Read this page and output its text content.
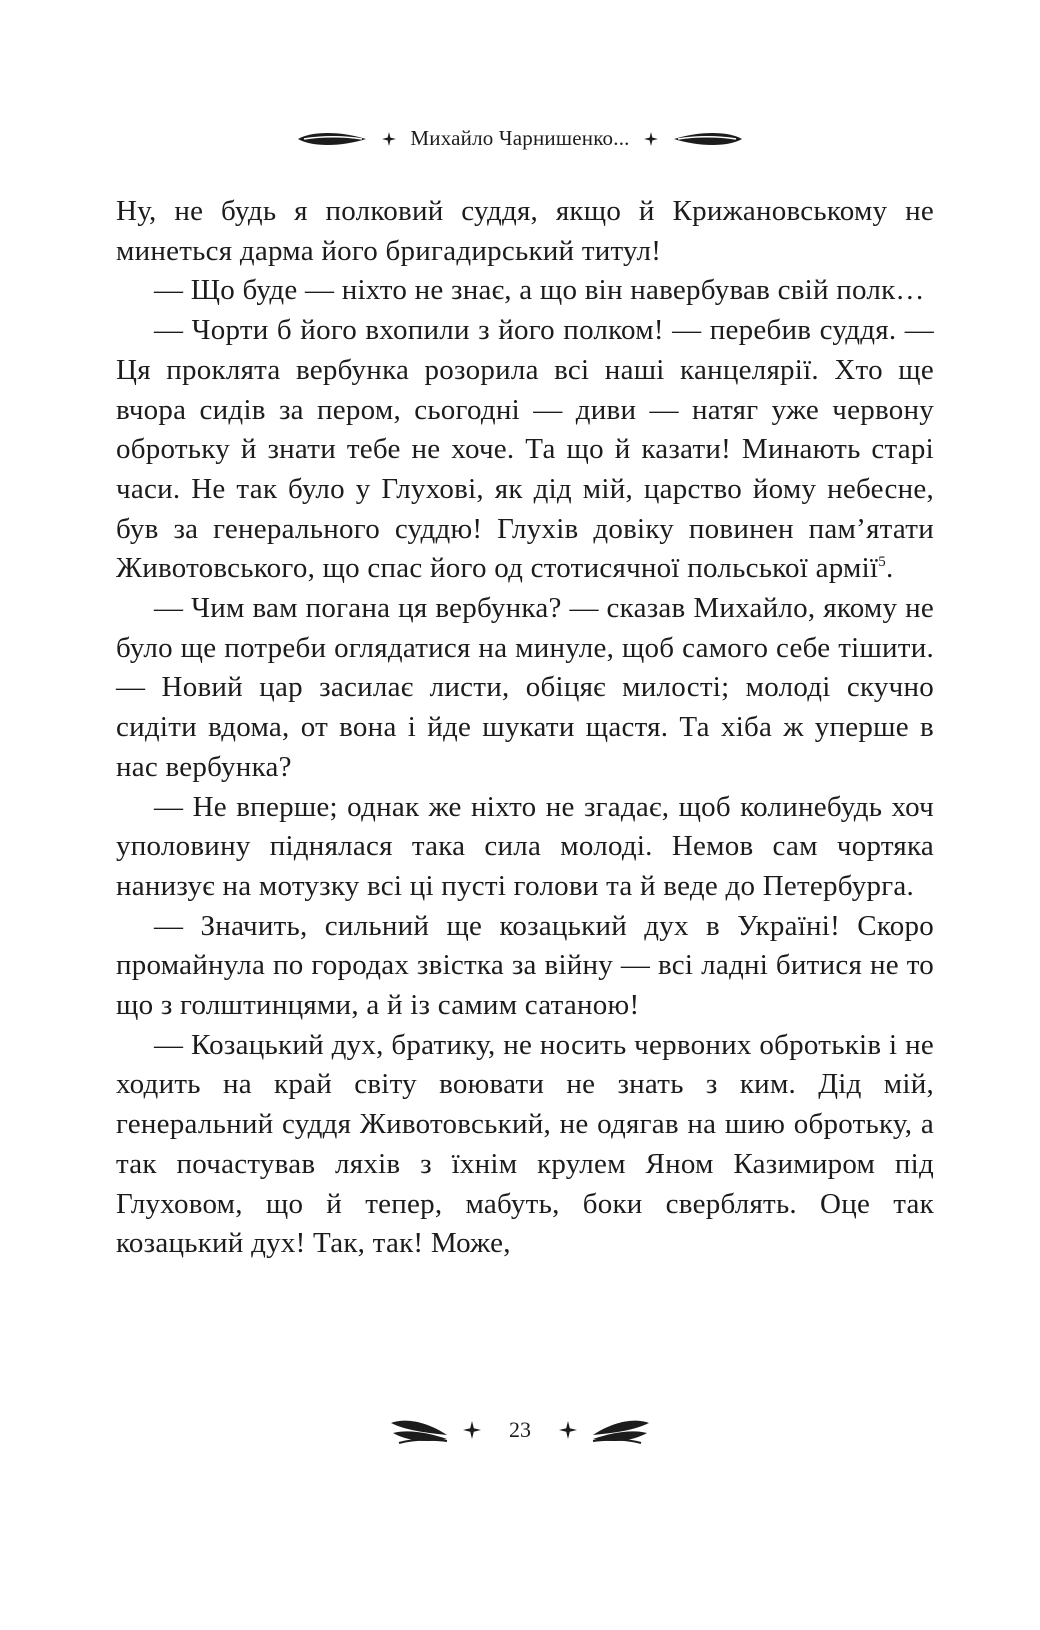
Михайло Чарнишенко...

Ну, не будь я полковий суддя, якщо й Крижановському не минеться дарма його бригадирський титул!

— Що буде — ніхто не знає, а що він навербував свій полк…

— Чорти б його вхопили з його полком! — перебив суддя. — Ця проклята вербунка розорила всі наші канцелярії. Хто ще вчора сидів за пером, сьогодні — диви — натяг уже червону обротьку й знати тебе не хоче. Та що й казати! Минають старі часи. Не так було у Глухові, як дід мій, царство йому небесне, був за генерального суддю! Глухів довіку повинен пам’ятати Животовського, що спас його од стотисячної польської армії$^5$.

— Чим вам погана ця вербунка? — сказав Михайло, якому не було ще потреби оглядатися на минуле, щоб самого себе тішити. — Новий цар засилає листи, обіцяє милості; молоді скучно сидіти вдома, от вона і йде шукати щастя. Та хіба ж уперше в нас вербунка?

— Не вперше; однак же ніхто не згадає, щоб колинебудь хоч уполовину піднялася така сила молоді. Немов сам чортяка нанизує на мотузку всі ці пусті голови та й веде до Петербурга.

— Значить, сильний ще козацький дух в Україні! Скоро промайнула по городах звістка за війну — всі ладні битися не то що з голштинцями, а й із самим сатаною!

— Козацький дух, братику, не носить червоних обротьків і не ходить на край світу воювати не знать з ким. Дід мій, генеральний суддя Животовський, не одягав на шию обротьку, а так почастував ляхів з їхнім крулем Яном Казимиром під Глуховом, що й тепер, мабуть, боки сверблять. Оце так козацький дух! Так, так! Може,

23
